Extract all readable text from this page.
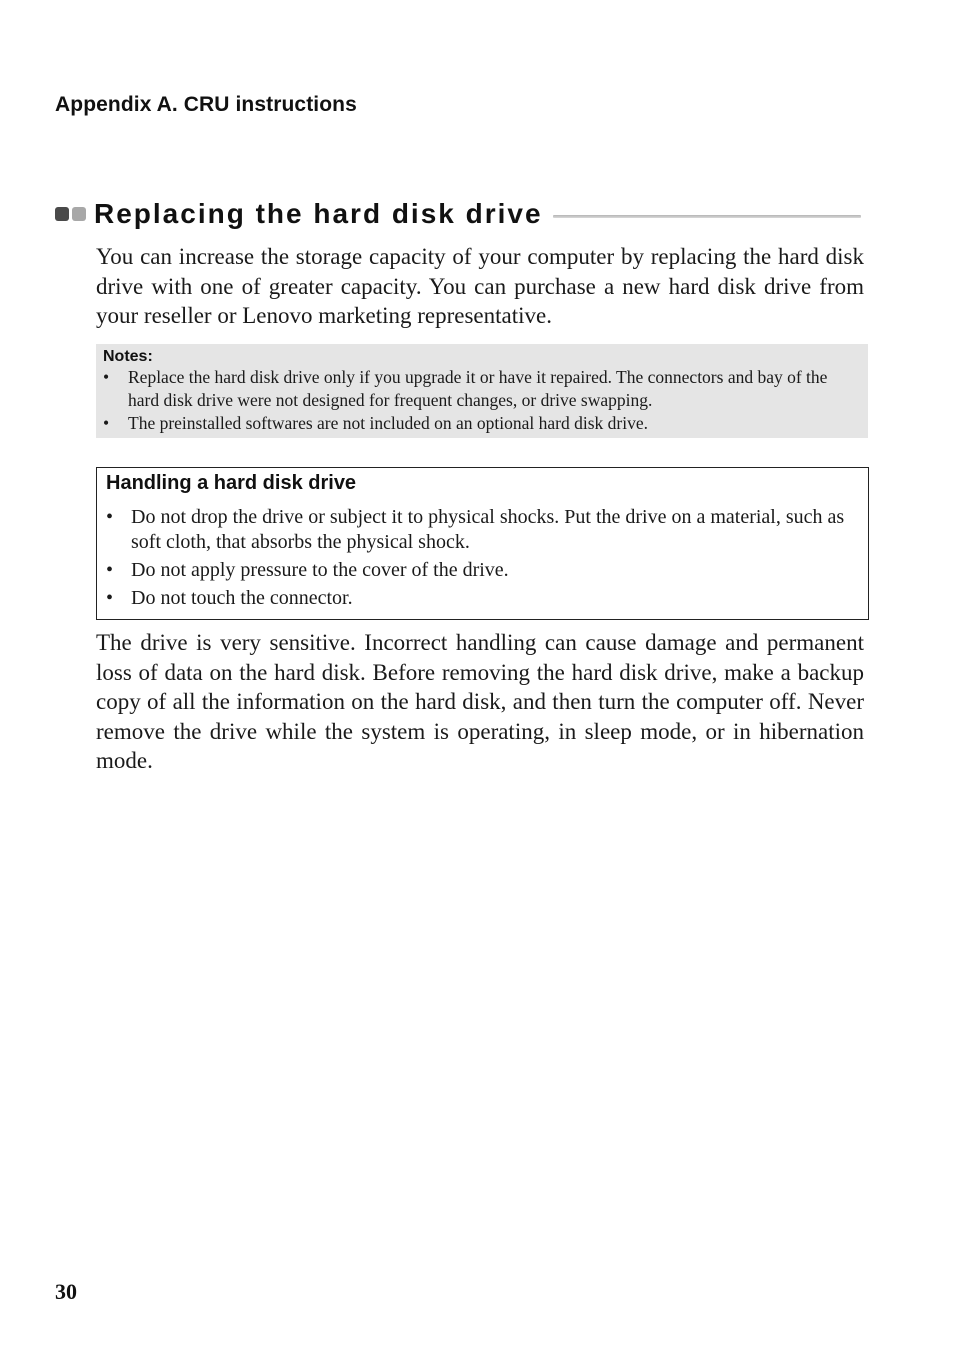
Appendix A. CRU instructions
Replacing the hard disk drive

You can increase the storage capacity of your computer by replacing the hard disk drive with one of greater capacity. You can purchase a new hard disk drive from your reseller or Lenovo marketing representative.

Notes:
• Replace the hard disk drive only if you upgrade it or have it repaired. The connectors and bay of the hard disk drive were not designed for frequent changes, or drive swapping.
• The preinstalled softwares are not included on an optional hard disk drive.
Handling a hard disk drive
• Do not drop the drive or subject it to physical shocks. Put the drive on a material, such as soft cloth, that absorbs the physical shock.
• Do not apply pressure to the cover of the drive.
• Do not touch the connector.

The drive is very sensitive. Incorrect handling can cause damage and permanent loss of data on the hard disk. Before removing the hard disk drive, make a backup copy of all the information on the hard disk, and then turn the computer off. Never remove the drive while the system is operating, in sleep mode, or in hibernation mode.

30
